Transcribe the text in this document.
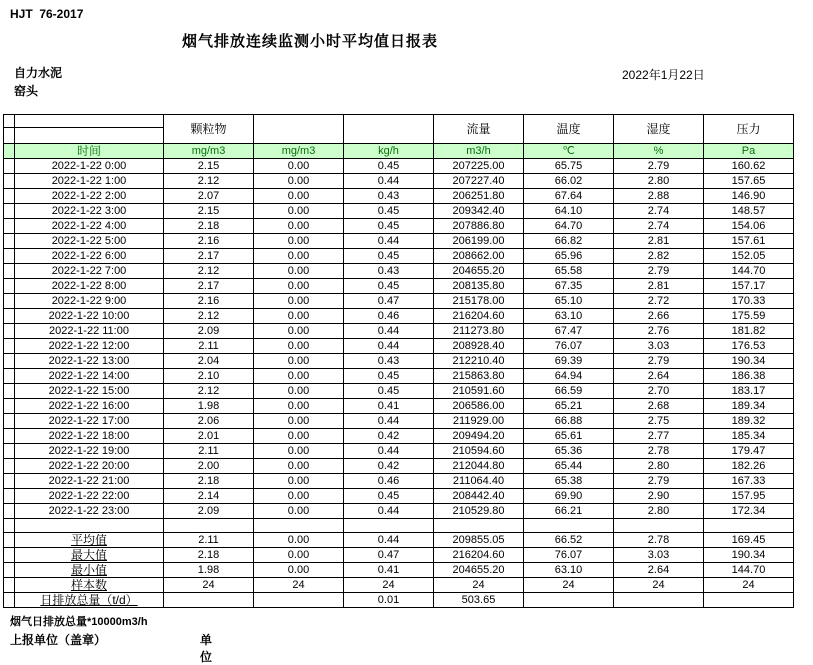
HJT  76-2017
烟气排放连续监测小时平均值日报表
自力水泥
窑头
2022年1月22日
		颗粒物			流量	温度	湿度	压力

	时间	mg/m3	mg/m3	kg/h	m3/h	℃	%	Pa
	2022-1-22 0:00	2.15	0.00	0.45	207225.00	65.75	2.79	160.62
	2022-1-22 1:00	2.12	0.00	0.44	207227.40	66.02	2.80	157.65
	2022-1-22 2:00	2.07	0.00	0.43	206251.80	67.64	2.88	146.90
	2022-1-22 3:00	2.15	0.00	0.45	209342.40	64.10	2.74	148.57
	2022-1-22 4:00	2.18	0.00	0.45	207886.80	64.70	2.74	154.06
	2022-1-22 5:00	2.16	0.00	0.44	206199.00	66.82	2.81	157.61
	2022-1-22 6:00	2.17	0.00	0.45	208662.00	65.96	2.82	152.05
	2022-1-22 7:00	2.12	0.00	0.43	204655.20	65.58	2.79	144.70
	2022-1-22 8:00	2.17	0.00	0.45	208135.80	67.35	2.81	157.17
	2022-1-22 9:00	2.16	0.00	0.47	215178.00	65.10	2.72	170.33
	2022-1-22 10:00	2.12	0.00	0.46	216204.60	63.10	2.66	175.59
	2022-1-22 11:00	2.09	0.00	0.44	211273.80	67.47	2.76	181.82
	2022-1-22 12:00	2.11	0.00	0.44	208928.40	76.07	3.03	176.53
	2022-1-22 13:00	2.04	0.00	0.43	212210.40	69.39	2.79	190.34
	2022-1-22 14:00	2.10	0.00	0.45	215863.80	64.94	2.64	186.38
	2022-1-22 15:00	2.12	0.00	0.45	210591.60	66.59	2.70	183.17
	2022-1-22 16:00	1.98	0.00	0.41	206586.00	65.21	2.68	189.34
	2022-1-22 17:00	2.06	0.00	0.44	211929.00	66.88	2.75	189.32
	2022-1-22 18:00	2.01	0.00	0.42	209494.20	65.61	2.77	185.34
	2022-1-22 19:00	2.11	0.00	0.44	210594.60	65.36	2.78	179.47
	2022-1-22 20:00	2.00	0.00	0.42	212044.80	65.44	2.80	182.26
	2022-1-22 21:00	2.18	0.00	0.46	211064.40	65.38	2.79	167.33
	2022-1-22 22:00	2.14	0.00	0.45	208442.40	69.90	2.90	157.95
	2022-1-22 23:00	2.09	0.00	0.44	210529.80	66.21	2.80	172.34

	平均值	2.11	0.00	0.44	209855.05	66.52	2.78	169.45
	最大值	2.18	0.00	0.47	216204.60	76.07	3.03	190.34
	最小值	1.98	0.00	0.41	204655.20	63.10	2.64	144.70
	样本数	24	24	24	24	24	24	24
	日排放总量（t/d）			0.01	503.65			
烟气日排放总量*10000m3/h
上报单位（盖章）	单位
